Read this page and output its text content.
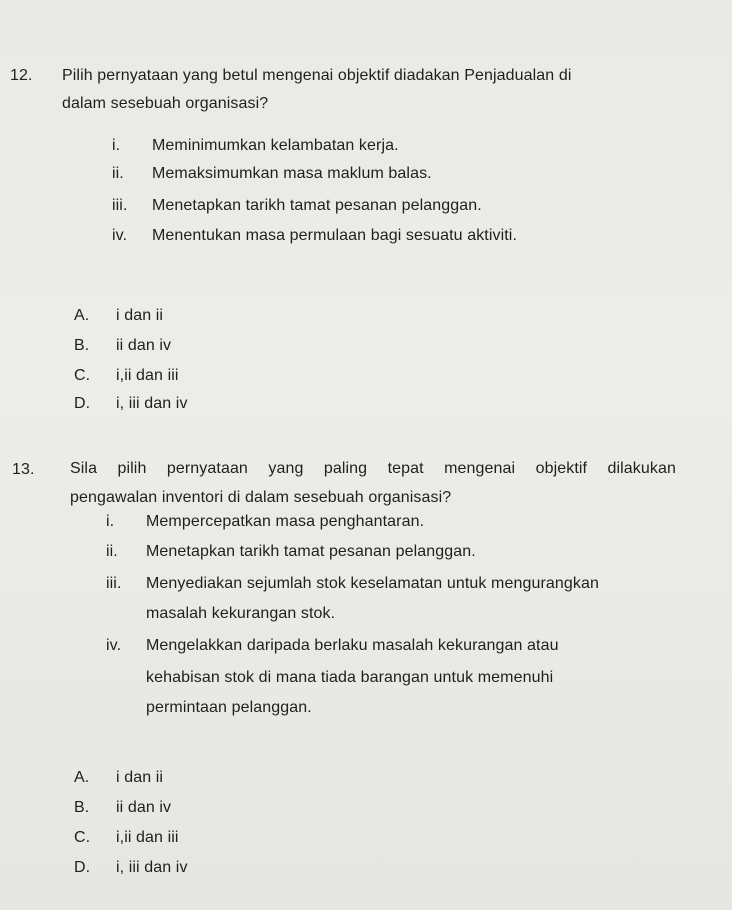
12. Pilih pernyataan yang betul mengenai objektif diadakan Penjadualan di
dalam sesebuah organisasi?
i. Meminimumkan kelambatan kerja.
ii. Memaksimumkan masa maklum balas.
iii. Menetapkan tarikh tamat pesanan pelanggan.
iv. Menentukan masa permulaan bagi sesuatu aktiviti.
A. i dan ii
B. ii dan iv
C. i,ii dan iii
D. i, iii dan iv
13. Sila pilih pernyataan yang paling tepat mengenai objektif dilakukan
pengawalan inventori di dalam sesebuah organisasi?
i. Mempercepatkan masa penghantaran.
ii. Menetapkan tarikh tamat pesanan pelanggan.
iii. Menyediakan sejumlah stok keselamatan untuk mengurangkan
masalah kekurangan stok.
iv. Mengelakkan daripada berlaku masalah kekurangan atau
kehabisan stok di mana tiada barangan untuk memenuhi
permintaan pelanggan.
A. i dan ii
B. ii dan iv
C. i,ii dan iii
D. i, iii dan iv
